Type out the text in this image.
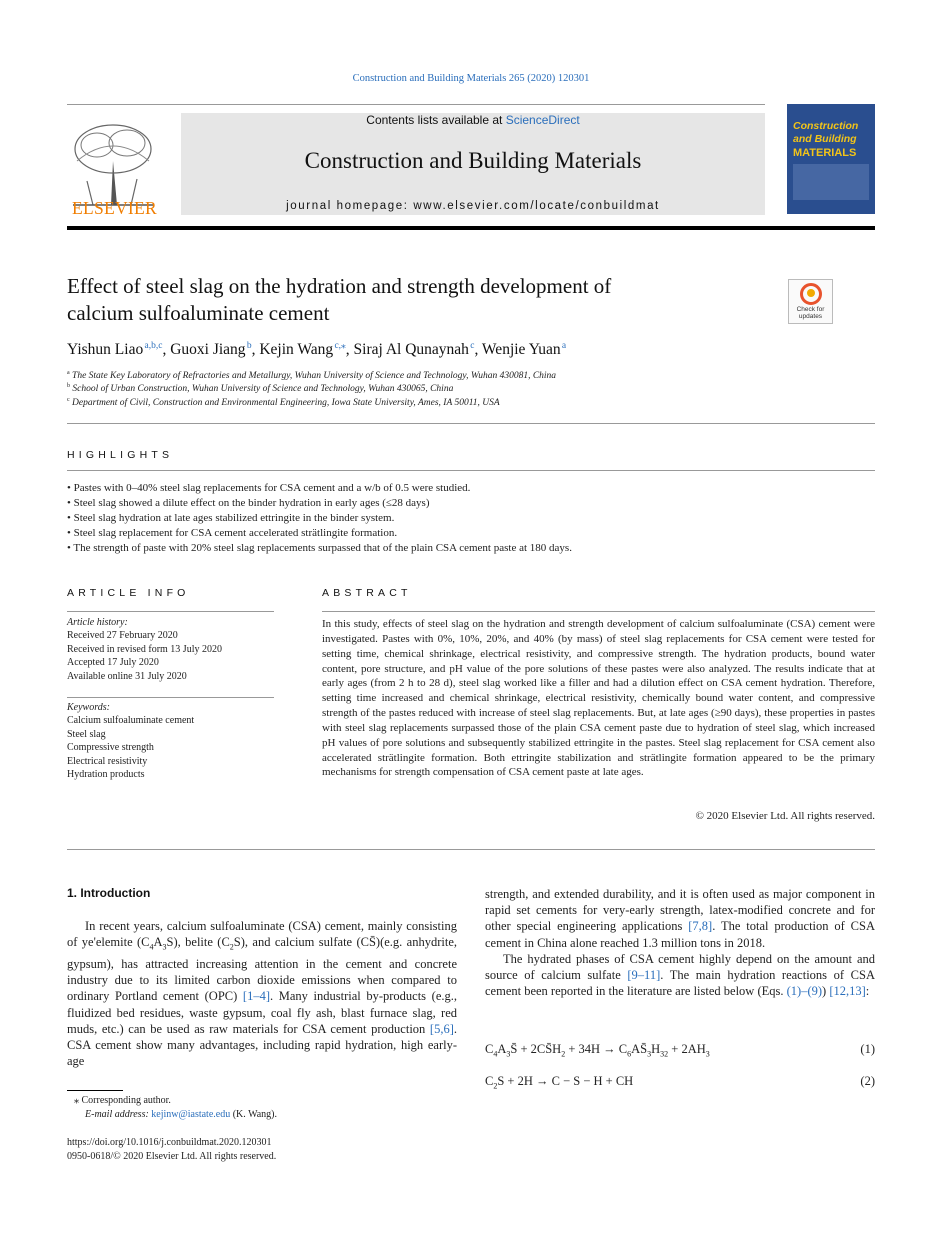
Construction and Building Materials 265 (2020) 120301
ELSEVIER
Contents lists available at ScienceDirect
Construction and Building Materials
journal homepage: www.elsevier.com/locate/conbuildmat
Construction
and Building
MATERIALS
Effect of steel slag on the hydration and strength development of
calcium sulfoaluminate cement	Check for updates
Yishun Liao $^{a,b,c}$, Guoxi Jiang $^b$, Kejin Wang $^{c,⁎}$, Siraj Al Qunaynah $^c$, Wenjie Yuan $^a$
$^a$ The State Key Laboratory of Refractories and Metallurgy, Wuhan University of Science and Technology, Wuhan 430081, China
$^b$ School of Urban Construction, Wuhan University of Science and Technology, Wuhan 430065, China
$^c$ Department of Civil, Construction and Environmental Engineering, Iowa State University, Ames, IA 50011, USA
HIGHLIGHTS
• Pastes with 0–40% steel slag replacements for CSA cement and a w/b of 0.5 were studied.
• Steel slag showed a dilute effect on the binder hydration in early ages (≤28 days)
• Steel slag hydration at late ages stabilized ettringite in the binder system.
• Steel slag replacement for CSA cement accelerated strätlingite formation.
• The strength of paste with 20% steel slag replacements surpassed that of the plain CSA cement paste at 180 days.
ARTICLE INFO	ABSTRACT
Article history:
Received 27 February 2020
Received in revised form 13 July 2020
Accepted 17 July 2020
Available online 31 July 2020
Keywords:
Calcium sulfoaluminate cement
Steel slag
Compressive strength
Electrical resistivity
Hydration products
In this study, effects of steel slag on the hydration and strength development of calcium sulfoaluminate (CSA) cement were investigated. Pastes with 0%, 10%, 20%, and 40% (by mass) of steel slag replacements for CSA cement were tested for setting time, chemical shrinkage, electrical resistivity, and compressive strength. The hydration products, bound water content, pore structure, and pH value of the pore solutions of these pastes were also analyzed. The results indicate that at early ages (from 2 h to 28 d), steel slag worked like a filler and had a dilution effect on CSA cement hydration. Therefore, setting time increased and chemical shrinkage, electrical resistivity, chemically bound water content, and compressive strength of the pastes reduced with increase of steel slag replacements. But, at late ages (≥90 days), these properties in pastes with steel slag replacements surpassed those of the plain CSA cement paste due to hydration of steel slag, which increased pH values of pore solutions and subsequently stabilized ettringite in the pastes. Steel slag replacement for CSA cement also accelerated strätlingite formation. Both ettringite stabilization and strätlingite formation appeared to be the primary mechanisms for strength compensation of CSA cement paste at late ages.
© 2020 Elsevier Ltd. All rights reserved.
1. Introduction
In recent years, calcium sulfoaluminate (CSA) cement, mainly consisting of ye'elemite $(C_4A_3S)$, belite $(C_2S)$, and calcium sulfate (CS̄)(e.g. anhydrite, gypsum), has attracted increasing attention in the cement and concrete industry due to its limited carbon dioxide emissions when compared to ordinary Portland cement (OPC) [1–4]. Many industrial by-products (e.g., fluidized bed residues, waste gypsum, coal fly ash, blast furnace slag, red muds, etc.) can be used as raw materials for CSA cement production [5,6]. CSA cement show many advantages, including rapid hydration, high early-age
strength, and extended durability, and it is often used as major component in rapid set cements for very-early strength, latex-modified concrete and for other special engineering applications [7,8]. The total production of CSA cement in China alone reached 1.3 million tons in 2018.
The hydrated phases of CSA cement highly depend on the amount and source of calcium sulfate [9–11]. The main hydration reactions of CSA cement been reported in the literature are listed below (Eqs. (1)–(9)) [12,13]:
$C_4A_3S̄$ + $2CS̄H_2 + 34H$ → $C_6AS̄_3H_{32} + 2AH_3$	(1)
$C_2S + 2H \to C - S - H$ + CH	(2)
⁎ Corresponding author.
E-mail address: kejinw@iastate.edu (K. Wang).
https://doi.org/10.1016/j.conbuildmat.2020.120301
0950-0618/© 2020 Elsevier Ltd. All rights reserved.
